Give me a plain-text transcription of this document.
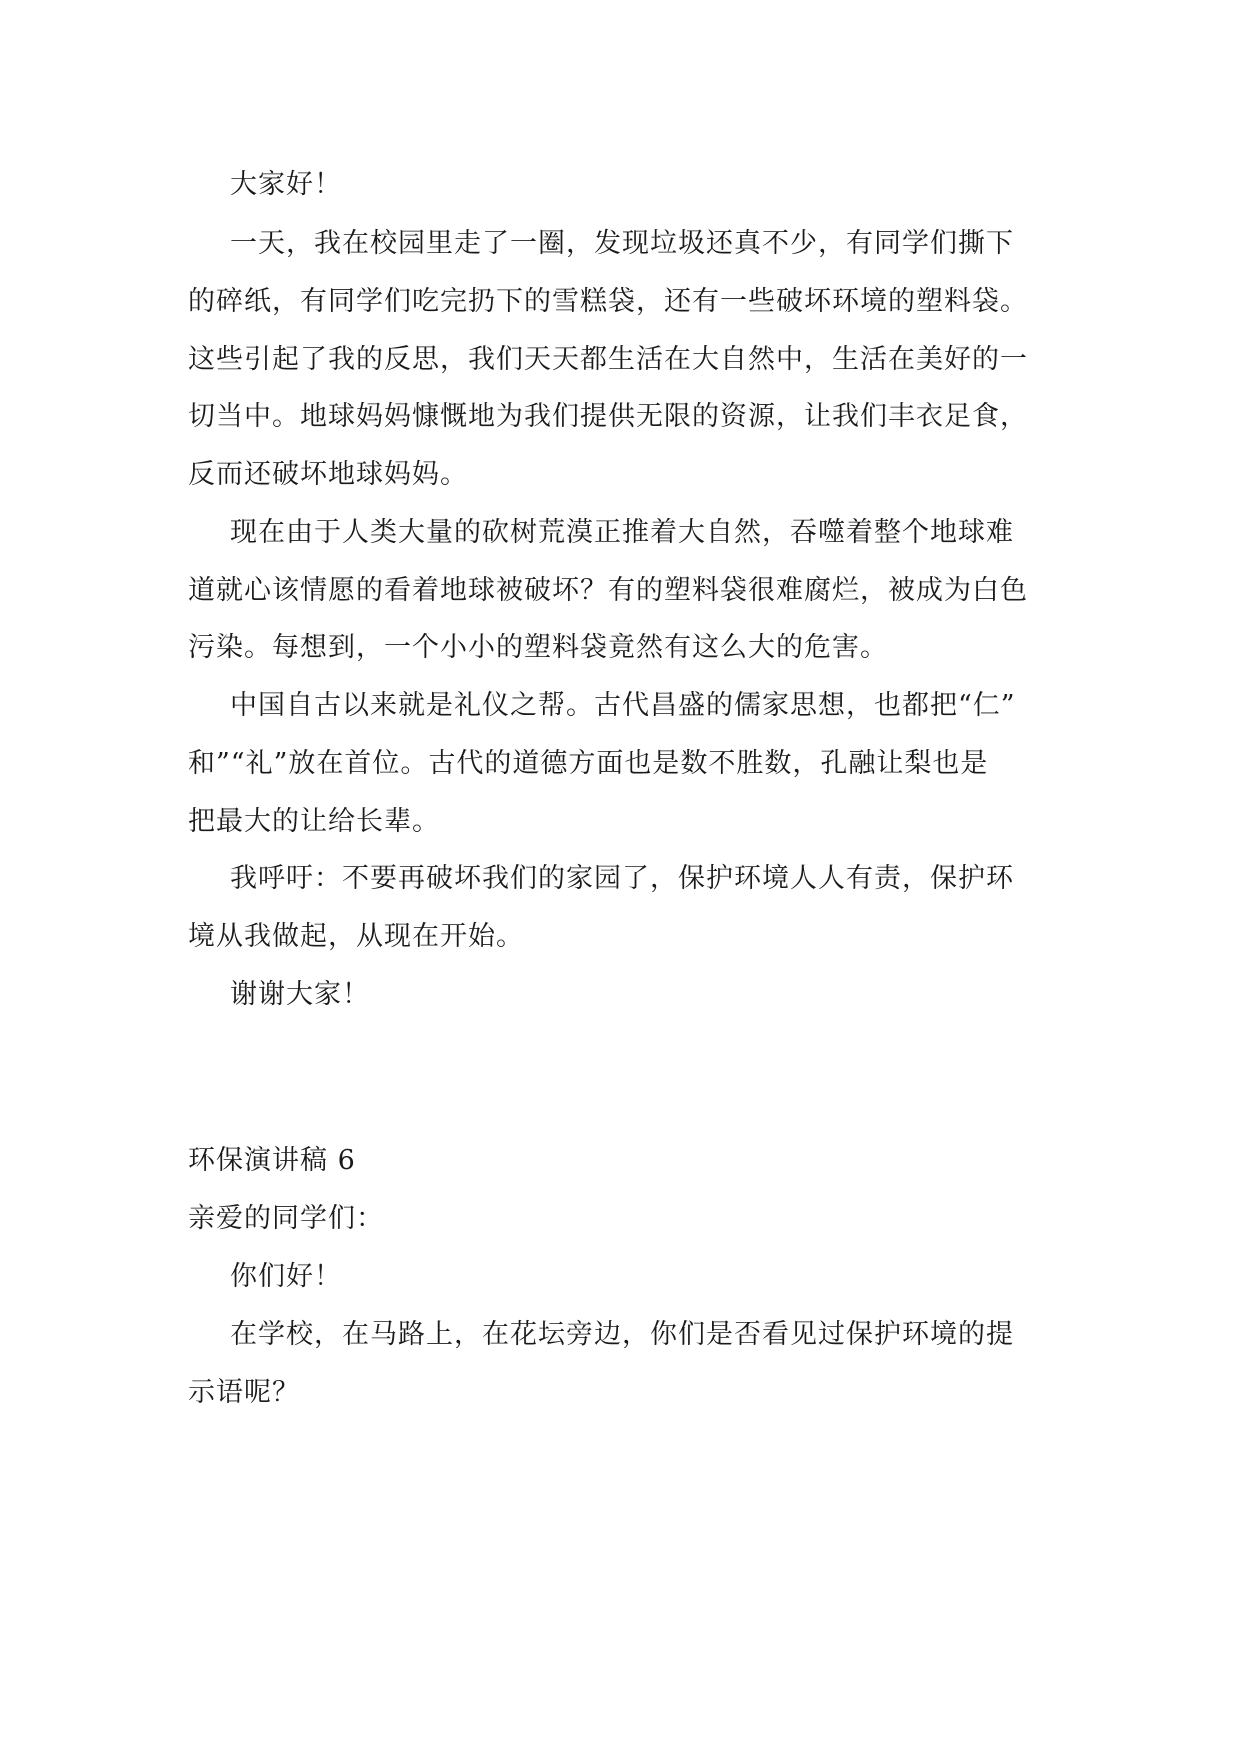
大家好！
一天，我在校园里走了一圈，发现垃圾还真不少，有同学们撕下
的碎纸，有同学们吃完扔下的雪糕袋，还有一些破坏环境的塑料袋。
这些引起了我的反思，我们天天都生活在大自然中，生活在美好的一
切当中。地球妈妈慷慨地为我们提供无限的资源，让我们丰衣足食，
反而还破坏地球妈妈。
现在由于人类大量的砍树荒漠正推着大自然，吞噬着整个地球难
道就心该情愿的看着地球被破坏？有的塑料袋很难腐烂，被成为白色
污染。每想到，一个小小的塑料袋竟然有这么大的危害。
中国自古以来就是礼仪之帮。古代昌盛的儒家思想，也都把“仁”
和”“礼”放在首位。古代的道德方面也是数不胜数，孔融让梨也是
把最大的让给长辈。
我呼吁：不要再破坏我们的家园了，保护环境人人有责，保护环
境从我做起，从现在开始。
谢谢大家！
环保演讲稿 6
亲爱的同学们：
你们好！
在学校，在马路上，在花坛旁边，你们是否看见过保护环境的提
示语呢？
